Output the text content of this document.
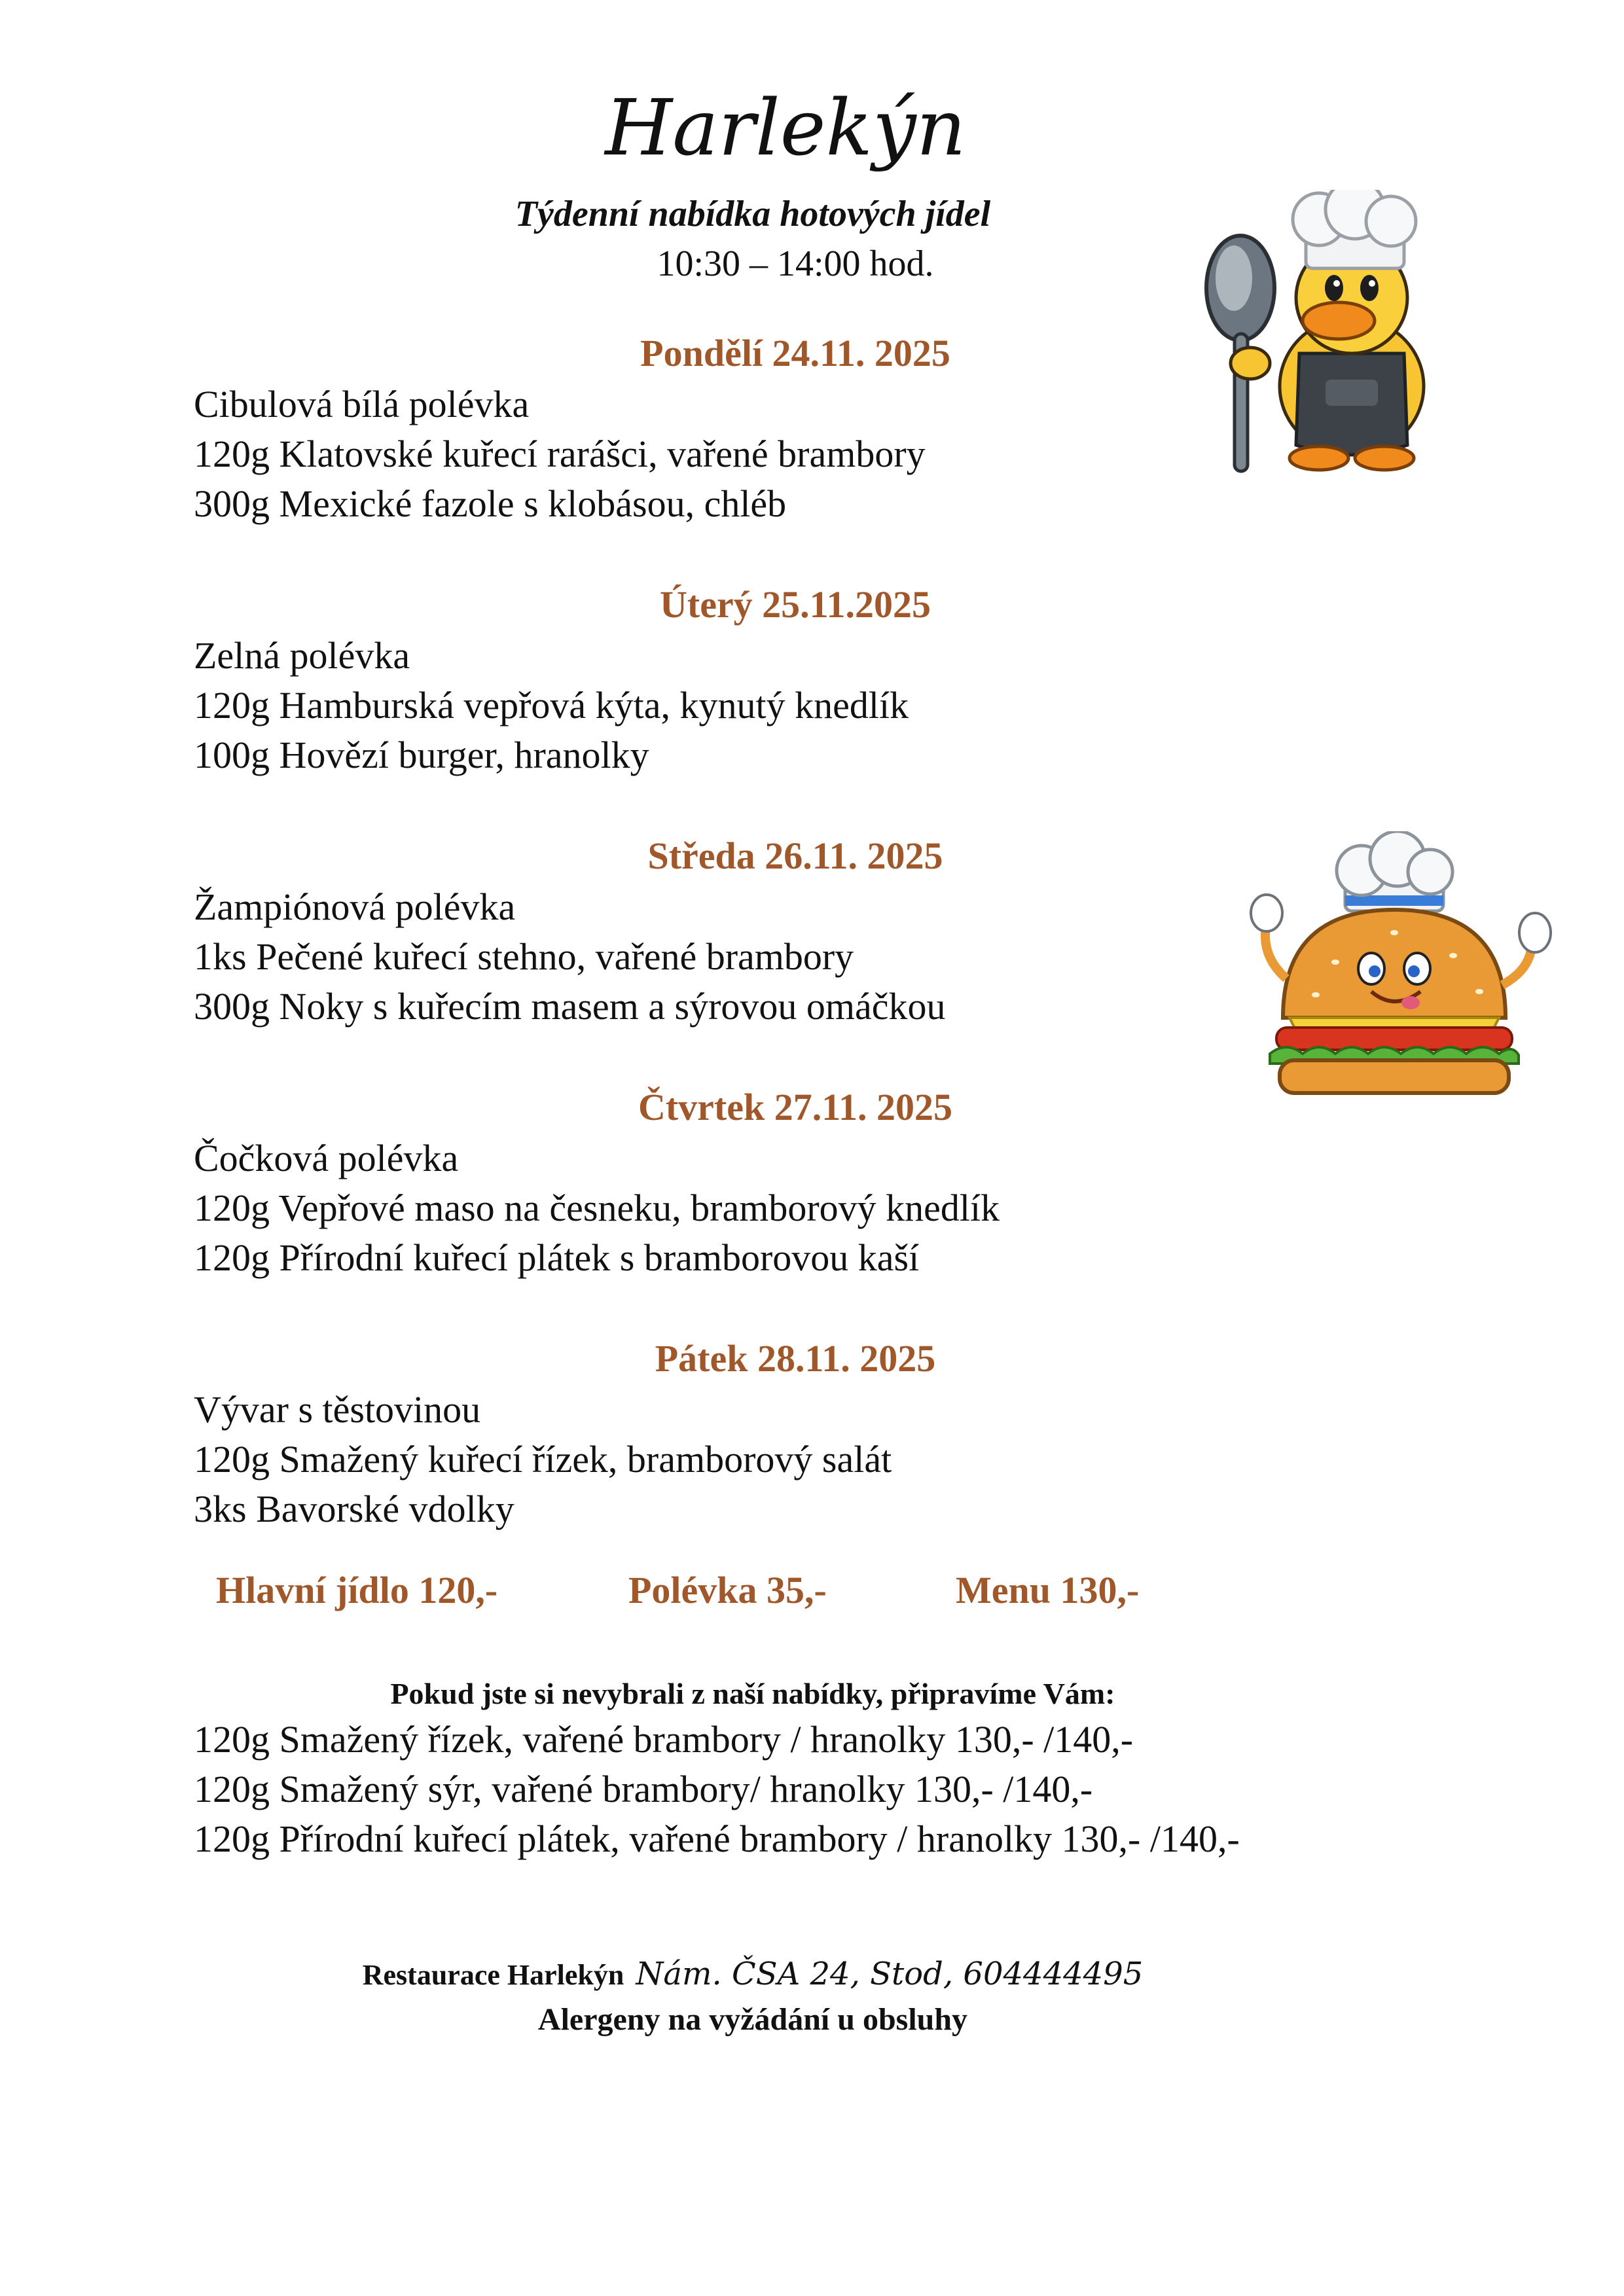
Harlekýn
Týdenní nabídka hotových jídel
10:30 – 14:00 hod.
Pondělí 24.11. 2025
Cibulová bílá polévka
120g Klatovské kuřecí rarášci, vařené brambory
300g Mexické fazole s klobásou, chléb
Úterý 25.11.2025
Zelná polévka
120g Hamburská vepřová kýta, kynutý knedlík
100g Hovězí burger, hranolky
Středa 26.11. 2025
Žampiónová polévka
1ks Pečené kuřecí stehno, vařené brambory
300g Noky s kuřecím masem a sýrovou omáčkou
Čtvrtek 27.11. 2025
Čočková polévka
120g Vepřové maso na česneku, bramborový knedlík
120g Přírodní kuřecí plátek s bramborovou kaší
Pátek 28.11. 2025
Vývar s těstovinou
120g Smažený kuřecí řízek, bramborový salát
3ks Bavorské vdolky
Hlavní jídlo 120,-	Polévka 35,-	Menu 130,-
Pokud jste si nevybrali z naší nabídky, připravíme Vám:
120g Smažený řízek, vařené brambory / hranolky 130,- /140,-
120g Smažený sýr, vařené brambory/ hranolky 130,- /140,-
120g Přírodní kuřecí plátek, vařené brambory / hranolky 130,- /140,-
Restaurace Harlekýn Nám. ČSA 24, Stod, 604444495
Alergeny na vyžádání u obsluhy
